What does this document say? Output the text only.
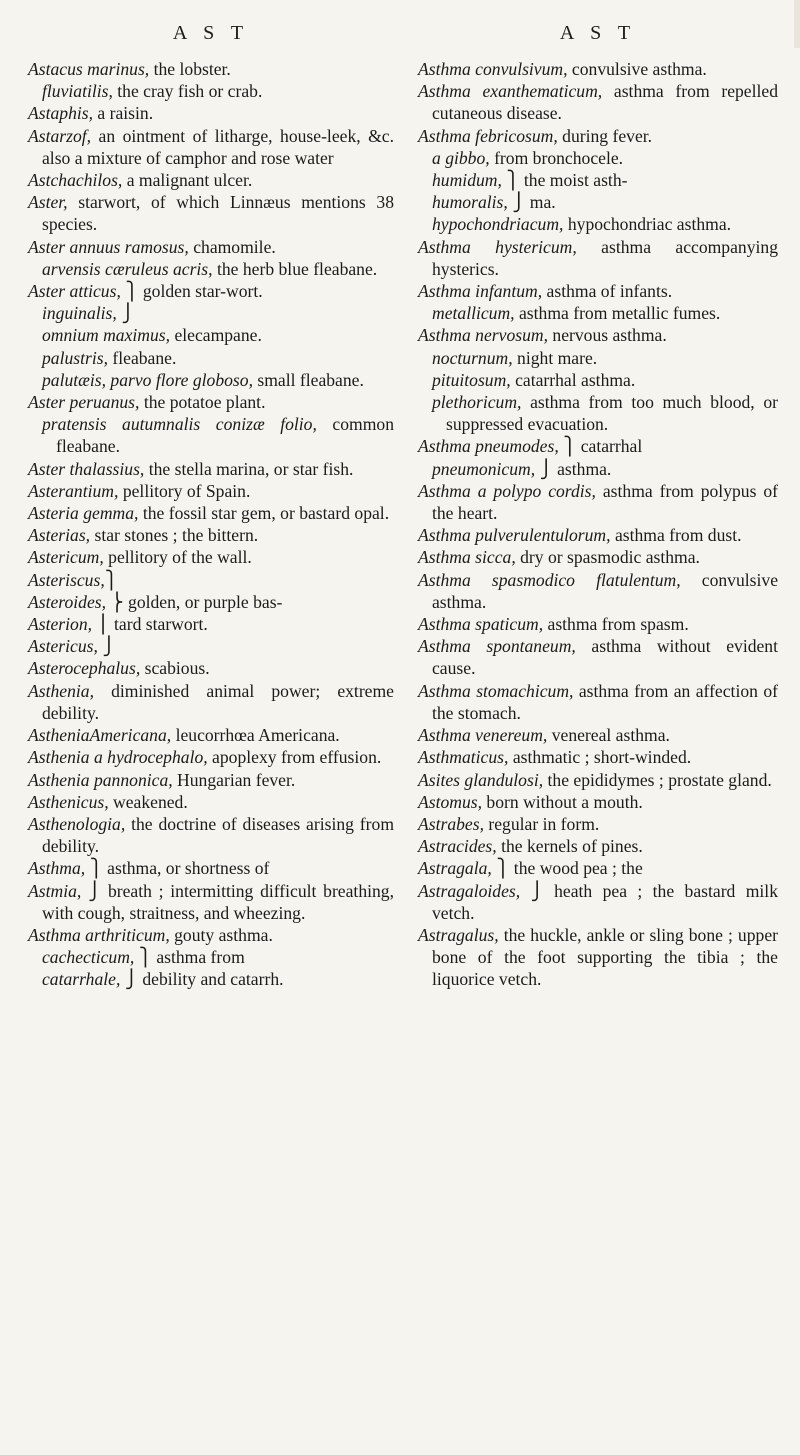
A S T

Astacus marinus, the lobster.

fluviatilis, the cray fish or crab.

Astaphis, a raisin.

Astarzof, an ointment of litharge, house-leek, &c. also a mixture of camphor and rose water

Astchachilos, a malignant ulcer.

Aster, starwort, of which Linnæus mentions 38 species.

Aster annuus ramosus, chamomile.

arvensis cæruleus acris, the herb blue fleabane.

Aster atticus, ⎫ golden star-wort.

inguinalis, ⎭

omnium maximus, elecampane.

palustris, fleabane.

palutæis, parvo flore globoso, small fleabane.

Aster peruanus, the potatoe plant.

pratensis autumnalis conizæ folio, common fleabane.

Aster thalassius, the stella marina, or star fish.

Asterantium, pellitory of Spain.

Asteria gemma, the fossil star gem, or bastard opal.

Asterias, star stones ; the bittern.

Astericum, pellitory of the wall.

Asteriscus,⎫

Asteroides, ⎬ golden, or purple bas-

Asterion, ⎪ tard starwort.

Astericus, ⎭

Asterocephalus, scabious.

Asthenia, diminished animal power; extreme debility.

AstheniaAmericana, leucorrhœa Americana.

Asthenia a hydrocephalo, apoplexy from effusion.

Asthenia pannonica, Hungarian fever.

Asthenicus, weakened.

Asthenologia, the doctrine of diseases arising from debility.

Asthma, ⎫ asthma, or shortness of

Astmia, ⎭ breath ; intermitting difficult breathing, with cough, straitness, and wheezing.

Asthma arthriticum, gouty asthma.

cachecticum, ⎫ asthma from

catarrhale, ⎭ debility and catarrh.

A S T

Asthma convulsivum, convulsive asthma.

Asthma exanthematicum, asthma from repelled cutaneous disease.

Asthma febricosum, during fever.

a gibbo, from bronchocele.

humidum, ⎫ the moist asth-

humoralis, ⎭ ma.

hypochondriacum, hypochondriac asthma.

Asthma hystericum, asthma accompanying hysterics.

Asthma infantum, asthma of infants.

metallicum, asthma from metallic fumes.

Asthma nervosum, nervous asthma.

nocturnum, night mare.

pituitosum, catarrhal asthma.

plethoricum, asthma from too much blood, or suppressed evacuation.

Asthma pneumodes, ⎫ catarrhal

pneumonicum, ⎭ asthma.

Asthma a polypo cordis, asthma from polypus of the heart.

Asthma pulverulentulorum, asthma from dust.

Asthma sicca, dry or spasmodic asthma.

Asthma spasmodico flatulentum, convulsive asthma.

Asthma spaticum, asthma from spasm.

Asthma spontaneum, asthma without evident cause.

Asthma stomachicum, asthma from an affection of the stomach.

Asthma venereum, venereal asthma.

Asthmaticus, asthmatic ; short-winded.

Asites glandulosi, the epididymes ; prostate gland.

Astomus, born without a mouth.

Astrabes, regular in form.

Astracides, the kernels of pines.

Astragala, ⎫ the wood pea ; the

Astragaloides, ⎭ heath pea ; the bastard milk vetch.

Astragalus, the huckle, ankle or sling bone ; upper bone of the foot supporting the tibia ; the liquorice vetch.
